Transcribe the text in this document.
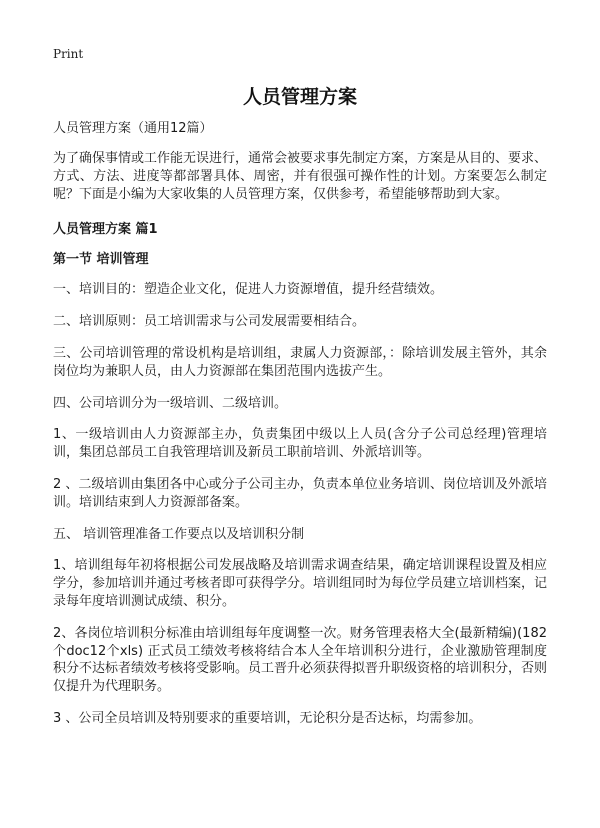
Print
人员管理方案

人员管理方案（通用12篇）

为了确保事情或工作能无误进行，通常会被要求事先制定方案，方案是从目的、要求、方式、方法、进度等都部署具体、周密，并有很强可操作性的计划。方案要怎么制定呢？下面是小编为大家收集的人员管理方案，仅供参考，希望能够帮助到大家。

人员管理方案 篇1

第一节 培训管理

一、培训目的：塑造企业文化，促进人力资源增值，提升经营绩效。
二、培训原则：员工培训需求与公司发展需要相结合。
三、公司培训管理的常设机构是培训组，隶属人力资源部，：除培训发展主管外，其余岗位均为兼职人员，由人力资源部在集团范围内选拔产生。
四、公司培训分为一级培训、二级培训。
1、一级培训由人力资源部主办，负责集团中级以上人员(含分子公司总经理)管理培训，集团总部员工自我管理培训及新员工职前培训、外派培训等。
2 、二级培训由集团各中心或分子公司主办，负责本单位业务培训、岗位培训及外派培训。培训结束到人力资源部备案。
五、 培训管理准备工作要点以及培训积分制
1、培训组每年初将根据公司发展战略及培训需求调查结果，确定培训课程设置及相应学分，参加培训并通过考核者即可获得学分。培训组同时为每位学员建立培训档案，记录每年度培训测试成绩、积分。
2、各岗位培训积分标准由培训组每年度调整一次。财务管理表格大全(最新精编)(182个doc12个xls) 正式员工绩效考核将结合本人全年培训积分进行，企业激励管理制度积分不达标者绩效考核将受影响。员工晋升必须获得拟晋升职级资格的培训积分，否则仅提升为代理职务。
3 、公司全员培训及特别要求的重要培训，无论积分是否达标，均需参加。
